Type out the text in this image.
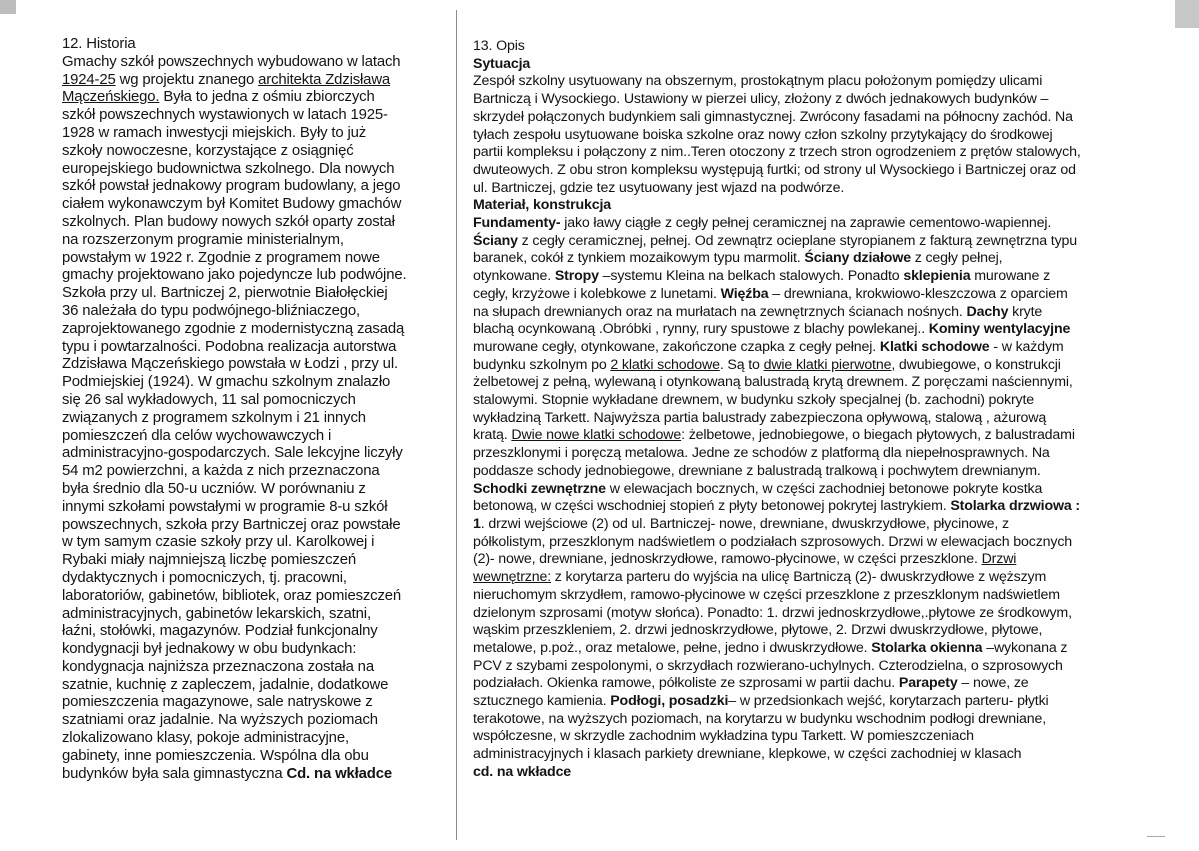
12. Historia
Gmachy szkół powszechnych wybudowano w latach
1924-25 wg projektu znanego architekta Zdzisława
Mączeńskiego. Była to jedna z ośmiu zbiorczych
szkół powszechnych wystawionych w latach 1925-
1928 w ramach inwestycji miejskich. Były to już
szkoły nowoczesne, korzystające z osiągnięć
europejskiego budownictwa szkolnego. Dla nowych
szkół powstał jednakowy program budowlany, a jego
ciałem wykonawczym był Komitet Budowy gmachów
szkolnych. Plan budowy nowych szkół oparty został
na rozszerzonym programie ministerialnym,
powstałym w 1922 r. Zgodnie z programem nowe
gmachy projektowano jako pojedyncze lub podwójne.
Szkoła przy ul. Bartniczej 2, pierwotnie Białołęckiej
36 należała do typu podwójnego-bliźniaczego,
zaprojektowanego zgodnie z modernistyczną zasadą
typu i powtarzalności. Podobna realizacja autorstwa
Zdzisława Mączeńskiego powstała w Łodzi , przy ul.
Podmiejskiej (1924). W gmachu szkolnym znalazło
się 26 sal wykładowych, 11 sal pomocniczych
związanych z programem szkolnym i 21 innych
pomieszczeń dla celów wychowawczych i
administracyjno-gospodarczych. Sale lekcyjne liczyły
54 m2 powierzchni, a każda z nich przeznaczona
była średnio dla 50-u uczniów. W porównaniu z
innymi szkołami powstałymi w programie 8-u szkół
powszechnych, szkoła przy Bartniczej oraz powstałe
w tym samym czasie szkoły przy ul. Karolkowej i
Rybaki miały najmniejszą liczbę pomieszczeń
dydaktycznych i pomocniczych, tj. pracowni,
laboratoriów, gabinetów, bibliotek, oraz pomieszczeń
administracyjnych, gabinetów lekarskich, szatni,
łaźni, stołówki, magazynów. Podział funkcjonalny
kondygnacji był jednakowy w obu budynkach:
kondygnacja najniższa przeznaczona została na
szatnie, kuchnię z zapleczem, jadalnie, dodatkowe
pomieszczenia magazynowe, sale natryskowe z
szatniami oraz jadalnie. Na wyższych poziomach
zlokalizowano klasy, pokoje administracyjne,
gabinety, inne pomieszczenia. Wspólna dla obu
budynków była sala gimnastyczna Cd. na wkładce
13. Opis
Sytuacja
Zespół szkolny usytuowany na obszernym, prostokątnym placu położonym pomiędzy ulicami
Bartniczą i Wysockiego. Ustawiony w pierzei ulicy, złożony z dwóch jednakowych budynków –
skrzydeł połączonych budynkiem sali gimnastycznej. Zwrócony fasadami na północny zachód. Na
tyłach zespołu usytuowane boiska szkolne oraz nowy człon szkolny przytykający do środkowej
partii kompleksu i połączony z nim..Teren otoczony z trzech stron ogrodzeniem z prętów stalowych,
dwuteowych. Z obu stron kompleksu występują furtki; od strony ul Wysockiego i Bartniczej oraz od
ul. Bartniczej, gdzie tez usytuowany jest wjazd na podwórze.
Materiał, konstrukcja
Fundamenty- jako ławy ciągłe z cegły pełnej ceramicznej na zaprawie cementowo-wapiennej.
Ściany z cegły ceramicznej, pełnej. Od zewnątrz ocieplane styropianem z fakturą zewnętrzna typu
baranek, cokół z tynkiem mozaikowym typu marmolit. Ściany działowe z cegły pełnej,
otynkowane. Stropy –systemu Kleina na belkach stalowych. Ponadto sklepienia murowane z
cegły, krzyżowe i kolebkowe z lunetami. Więźba – drewniana, krokwiowo-kleszczowa z oparciem
na słupach drewnianych oraz na murłatach na zewnętrznych ścianach nośnych. Dachy kryte
blachą ocynkowaną .Obróbki , rynny, rury spustowe z blachy powlekanej.. Kominy wentylacyjne
murowane cegły, otynkowane, zakończone czapka z cegły pełnej. Klatki schodowe - w każdym
budynku szkolnym po 2 klatki schodowe. Są to dwie klatki pierwotne, dwubiegowe, o konstrukcji
żelbetowej z pełną, wylewaną i otynkowaną balustradą krytą drewnem. Z poręczami naściennymi,
stalowymi. Stopnie wykładane drewnem, w budynku szkoły specjalnej (b. zachodni) pokryte
wykładziną Tarkett. Najwyższa partia balustrady zabezpieczona opływową, stalową , ażurową
kratą. Dwie nowe klatki schodowe: żelbetowe, jednobiegowe, o biegach płytowych, z balustradami
przeszklonymi i poręczą metalowa. Jedne ze schodów z platformą dla niepełnosprawnych. Na
poddasze schody jednobiegowe, drewniane z balustradą tralkową i pochwytem drewnianym.
Schodki zewnętrzne w elewacjach bocznych, w części zachodniej betonowe pokryte kostka
betonową, w części wschodniej stopień z płyty betonowej pokrytej lastrykiem. Stolarka drzwiowa :
1. drzwi wejściowe (2) od ul. Bartniczej- nowe, drewniane, dwuskrzydłowe, płycinowe, z
półkolistym, przeszklonym nadświetlem o podziałach szprosowych. Drzwi w elewacjach bocznych
(2)- nowe, drewniane, jednoskrzydłowe, ramowo-płycinowe, w części przeszklone. Drzwi
wewnętrzne: z korytarza parteru do wyjścia na ulicę Bartniczą (2)- dwuskrzydłowe z węższym
nieruchomym skrzydłem, ramowo-płycinowe w części przeszklone z przeszklonym nadświetlem
dzielonym szprosami (motyw słońca). Ponadto: 1. drzwi jednoskrzydłowe,.płytowe ze środkowym,
wąskim przeszkleniem, 2. drzwi jednoskrzydłowe, płytowe, 2. Drzwi dwuskrzydłowe, płytowe,
metalowe, p.poż., oraz metalowe, pełne, jedno i dwuskrzydłowe. Stolarka okienna –wykonana z
PCV z szybami zespolonymi, o skrzydłach rozwierano-uchylnych. Czterodzielna, o szprosowych
podziałach. Okienka ramowe, półkoliste ze szprosami w partii dachu. Parapety – nowe, ze
sztucznego kamienia. Podłogi, posadzki– w przedsionkach wejść, korytarzach parteru- płytki
terakotowe, na wyższych poziomach, na korytarzu w budynku wschodnim podłogi drewniane,
współczesne, w skrzydle zachodnim wykładzina typu Tarkett. W pomieszczeniach
administracyjnych i klasach parkiety drewniane, klepkowe, w części zachodniej w klasach
cd. na wkładce
